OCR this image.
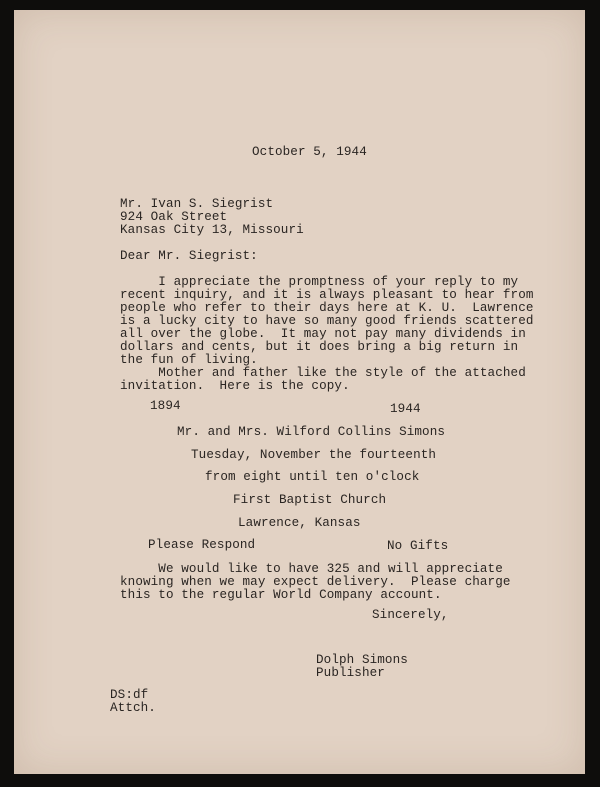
October 5, 1944
Mr. Ivan S. Siegrist
924 Oak Street
Kansas City 13, Missouri
Dear Mr. Siegrist:
I appreciate the promptness of your reply to my
recent inquiry, and it is always pleasant to hear from
people who refer to their days here at K. U.  Lawrence
is a lucky city to have so many good friends scattered
all over the globe.  It may not pay many dividends in
dollars and cents, but it does bring a big return in
the fun of living.
Mother and father like the style of the attached
invitation.  Here is the copy.
1894	1944
Mr. and Mrs. Wilford Collins Simons
Tuesday, November the fourteenth
from eight until ten o'clock
First Baptist Church
Lawrence, Kansas
Please Respond	No Gifts
We would like to have 325 and will appreciate
knowing when we may expect delivery.  Please charge
this to the regular World Company account.
Sincerely,
Dolph Simons
Publisher
DS:df
Attch.
